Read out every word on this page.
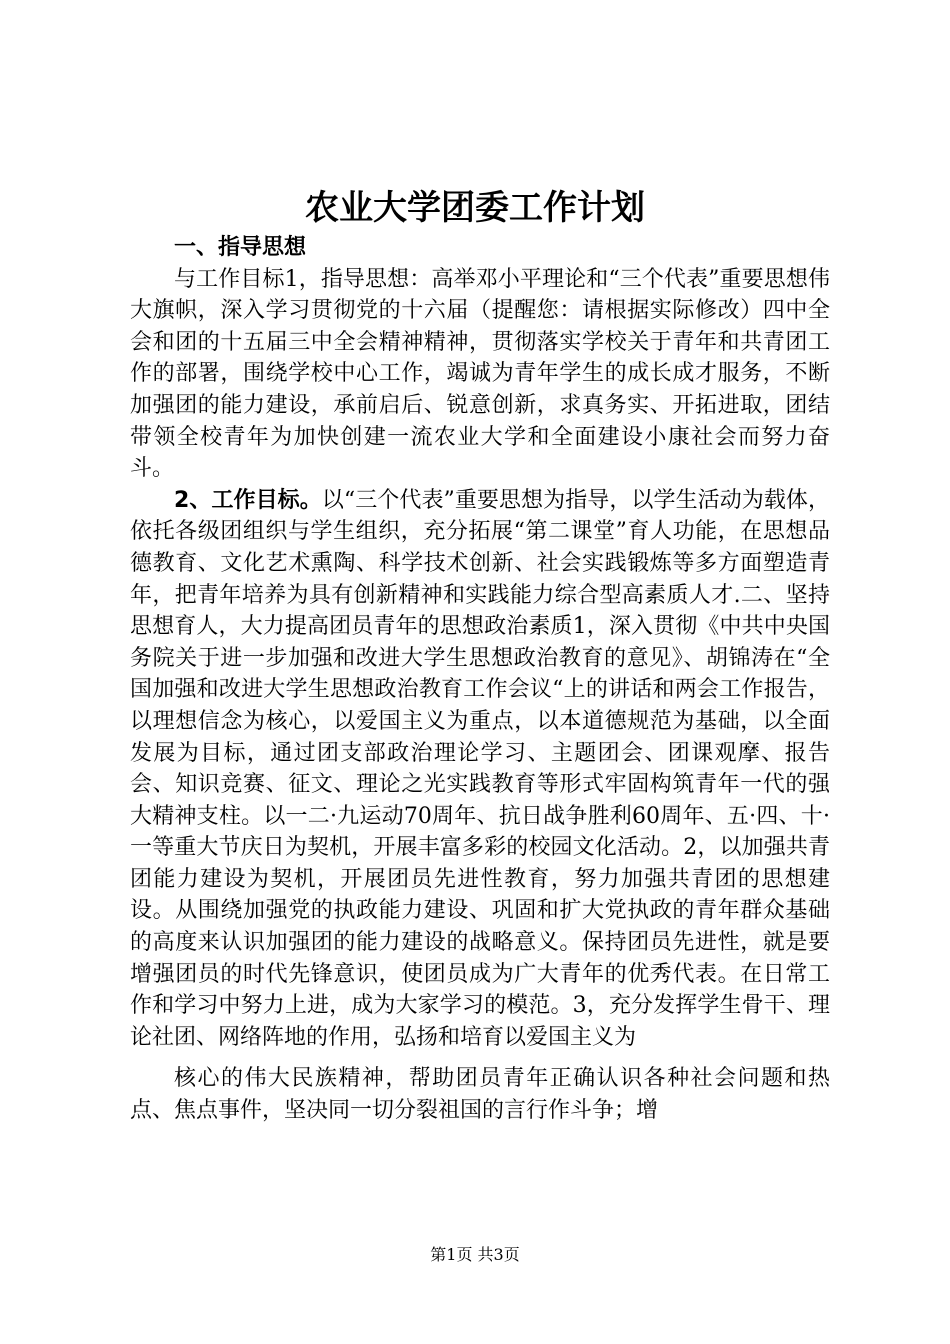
农业大学团委工作计划

一、指导思想

与工作目标1，指导思想：高举邓小平理论和“三个代表”重要思想伟大旗帜，深入学习贯彻党的十六届（提醒您：请根据实际修改）四中全会和团的十五届三中全会精神精神，贯彻落实学校关于青年和共青团工作的部署，围绕学校中心工作，竭诚为青年学生的成长成才服务，不断加强团的能力建设，承前启后、锐意创新，求真务实、开拓进取，团结带领全校青年为加快创建一流农业大学和全面建设小康社会而努力奋斗。

2、工作目标。以“三个代表”重要思想为指导，以学生活动为载体，依托各级团组织与学生组织，充分拓展“第二课堂”育人功能，在思想品德教育、文化艺术熏陶、科学技术创新、社会实践锻炼等多方面塑造青年，把青年培养为具有创新精神和实践能力综合型高素质人才.二、坚持思想育人，大力提高团员青年的思想政治素质1，深入贯彻《中共中央国务院关于进一步加强和改进大学生思想政治教育的意见》、胡锦涛在“全国加强和改进大学生思想政治教育工作会议“上的讲话和两会工作报告，以理想信念为核心，以爱国主义为重点，以本道德规范为基础，以全面发展为目标，通过团支部政治理论学习、主题团会、团课观摩、报告会、知识竞赛、征文、理论之光实践教育等形式牢固构筑青年一代的强大精神支柱。以一二·九运动70周年、抗日战争胜利60周年、五·四、十·一等重大节庆日为契机，开展丰富多彩的校园文化活动。2，以加强共青团能力建设为契机，开展团员先进性教育，努力加强共青团的思想建设。从围绕加强党的执政能力建设、巩固和扩大党执政的青年群众基础的高度来认识加强团的能力建设的战略意义。保持团员先进性，就是要增强团员的时代先锋意识，使团员成为广大青年的优秀代表。在日常工作和学习中努力上进，成为大家学习的模范。3，充分发挥学生骨干、理论社团、网络阵地的作用，弘扬和培育以爱国主义为

核心的伟大民族精神，帮助团员青年正确认识各种社会问题和热点、焦点事件，坚决同一切分裂祖国的言行作斗争；增

第1页 共3页
